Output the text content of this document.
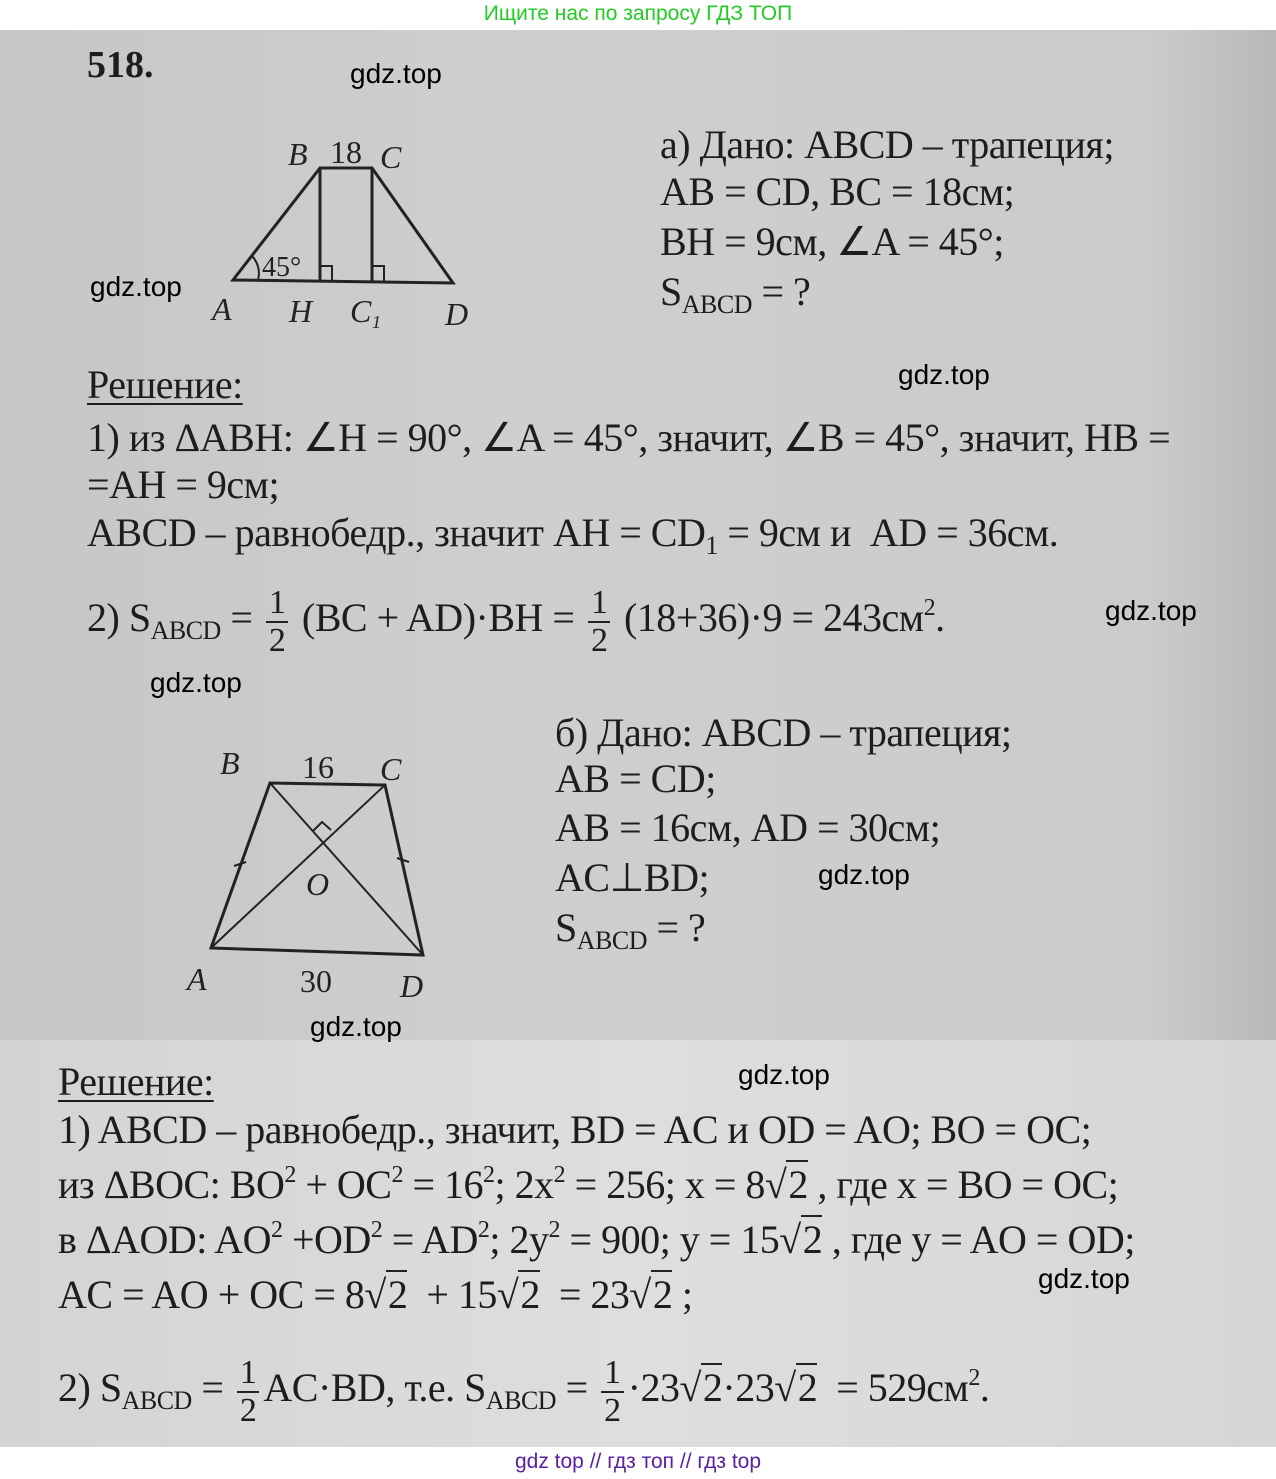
Ищите нас по запросу ГДЗ ТОП
518.
B 18 C
45°
A H C 1 D
B 16 C
O
A	30 D
Решение:
Решение:
а) Дано: ABCD – трапеция;
AB = CD, BC = 18см;
BH = 9см, ∠A = 45°;
$S_{ABCD}$ = ?
1) из ΔABH: ∠H = 90°, ∠A = 45°, значит, ∠B = 45°, значит, HB =
=AH = 9см;
ABCD – равнобедр., значит AH = $CD_1 = 9см$ и  AD = 36см.
2) $S_{ABCD} = \frac{1}{2} (BC + AD)\cdot BH = \frac{1}{2} (18+36)\cdot 9 = 243см^2$.
б) Дано: ABCD – трапеция;
AB = CD;
AB = 16см, AD = 30см;
AC⊥BD;
$S_{ABCD}$ = ?
1) ABCD – равнобедр., значит, BD = AC и OD = AO; BO = OC;
из ΔBOC: $BO^2 + OC^2 = 16^2$; $2x^2 = 256$; x = 8√2 , где x = BO = OC;
в ΔAOD: $AO^2 +OD^2 = AD^2$; $2y^2 = 900$; y = 15√2 , где y = AO = OD;
AC = AO + OC = 8√2  + 15√2  = 23√2 ;
2) $S_{ABCD} = \frac{1}{2} AC\cdot BD$, т.е. $S_{ABCD} = \frac{1}{2} \cdot 23√2\cdot 23√2 = 529см^2$.
gdz.top
gdz.top
gdz.top
gdz.top
gdz.top
gdz.top
gdz.top
gdz.top
gdz.top
gdz top // гдз топ // гдз top
